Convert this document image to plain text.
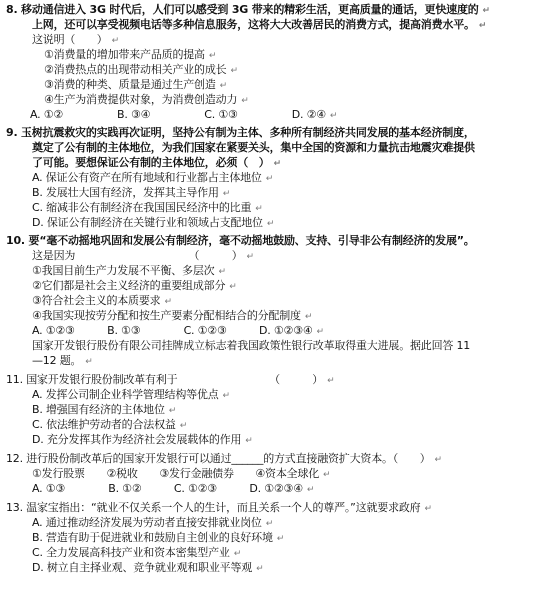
8. 移动通信进入 3G 时代后，人们可以感受到 3G 带来的精彩生活，更高质量的通话，更快速度的 ↵
上网，还可以享受视频电话等多种信息服务，这将大大改善居民的消费方式，提高消费水平。 ↵
这说明（　　） ↵
①消费量的增加带来产品质的提高 ↵
②消费热点的出现带动相关产业的成长 ↵
③消费的种类、质量是通过生产创造 ↵
④生产为消费提供对象，为消费创造动力 ↵
A. ①②　　　　　B. ③④　　　　　C. ①③　　　　　D. ②④ ↵
9. 玉树抗震救灾的实践再次证明，坚持公有制为主体、多种所有制经济共同发展的基本经济制度，
奠定了公有制的主体地位，为我们国家在紧要关头，集中全国的资源和力量抗击地震灾难提供
了可能。要想保证公有制的主体地位，必须（　） ↵
A. 保证公有资产在所有地域和行业都占主体地位 ↵
B. 发展壮大国有经济，发挥其主导作用 ↵
C. 缩减非公有制经济在我国国民经济中的比重 ↵
D. 保证公有制经济在关键行业和领域占支配地位 ↵
10. 要“毫不动摇地巩固和发展公有制经济，毫不动摇地鼓励、支持、引导非公有制经济的发展”。
这是因为　　　　　　　　　　　（　　　） ↵
①我国目前生产力发展不平衡、多层次 ↵
②它们都是社会主义经济的重要组成部分 ↵
③符合社会主义的本质要求 ↵
④我国实现按劳分配和按生产要素分配相结合的分配制度 ↵
A. ①②③　　　B. ①③　　　　C. ①②③　　　D. ①②③④ ↵
国家开发银行股份有限公司挂牌成立标志着我国政策性银行改革取得重大进展。据此回答 11
—12 题。 ↵
11. 国家开发银行股份制改革有利于　　　　　　　　　（　　　） ↵
A. 发挥公司制企业科学管理结构等优点 ↵
B. 增强国有经济的主体地位 ↵
C. 依法维护劳动者的合法权益 ↵
D. 充分发挥其作为经济社会发展载体的作用 ↵
12. 进行股份制改革后的国家开发银行可以通过______的方式直接融资扩大资本。（　　） ↵
①发行股票　　②税收　　③发行金融债券　　④资本全球化 ↵
A. ①③　　　　B. ①②　　　C. ①②③　　　D. ①②③④ ↵
13. 温家宝指出：“就业不仅关系一个人的生计，而且关系一个人的尊严。”这就要求政府 ↵
A. 通过推动经济发展为劳动者直接安排就业岗位 ↵
B. 营造有助于促进就业和鼓励自主创业的良好环境 ↵
C. 全力发展高科技产业和资本密集型产业 ↵
D. 树立自主择业观、竞争就业观和职业平等观 ↵
